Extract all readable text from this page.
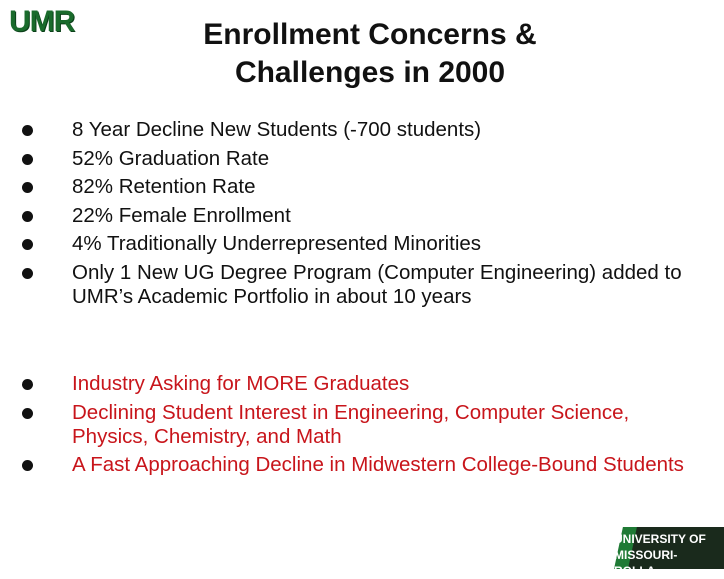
UMR	Enrollment Concerns &
Challenges in 2000
8 Year Decline New Students (-700 students)
52% Graduation Rate
82% Retention Rate
22% Female Enrollment
4% Traditionally Underrepresented Minorities
Only 1 New UG Degree Program (Computer Engineering) added to UMR’s Academic Portfolio in about 10 years
Industry Asking for MORE Graduates
Declining Student Interest in Engineering, Computer Science, Physics, Chemistry, and Math
A Fast Approaching Decline in Midwestern College-Bound Students
UNIVERSITY OF
MISSOURI-ROLLA
